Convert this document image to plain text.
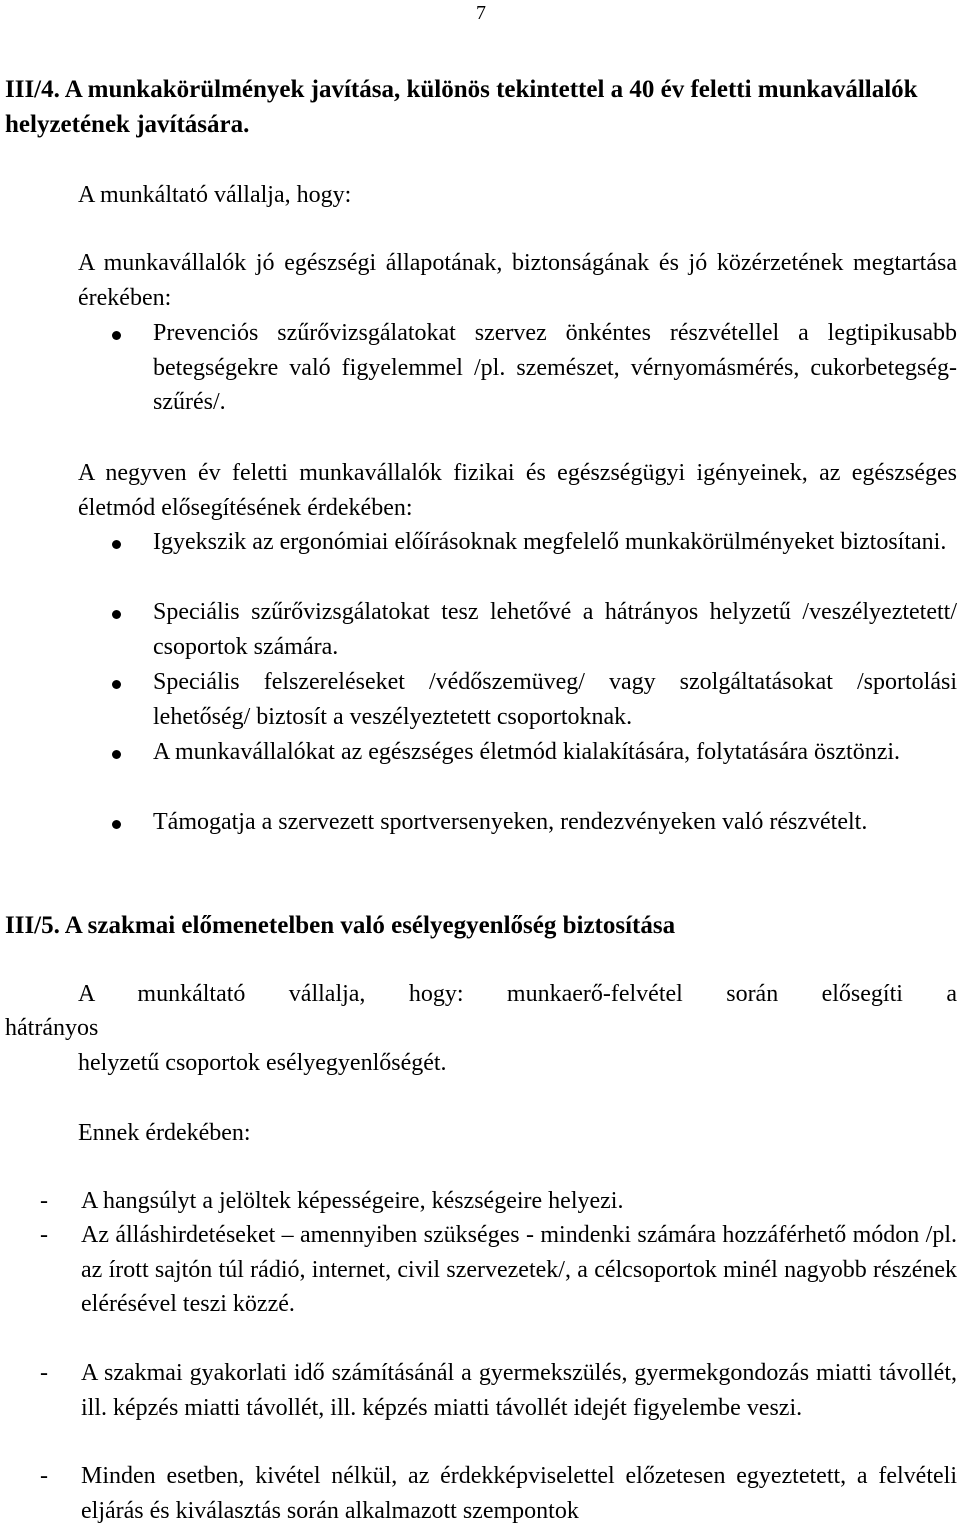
7
III/4. A munkakörülmények javítása, különös tekintettel a 40 év feletti munkavállalók helyzetének javítására.
A munkáltató vállalja, hogy:
A munkavállalók jó egészségi állapotának, biztonságának és jó közérzetének megtartása érekében:
Prevenciós szűrővizsgálatokat szervez önkéntes részvétellel a legtipikusabb betegségekre való figyelemmel /pl. szemészet, vérnyomásmérés, cukorbetegség-szűrés/.
A negyven év feletti munkavállalók fizikai és egészségügyi igényeinek, az egészséges életmód elősegítésének érdekében:
Igyekszik az ergonómiai előírásoknak megfelelő munkakörülményeket biztosítani.
Speciális szűrővizsgálatokat tesz lehetővé a hátrányos helyzetű /veszélyeztetett/ csoportok számára.
Speciális felszereléseket /védőszemüveg/ vagy szolgáltatásokat /sportolási lehetőség/ biztosít a veszélyeztetett csoportoknak.
A munkavállalókat az egészséges életmód kialakítására, folytatására ösztönzi.
Támogatja a szervezett sportversenyeken, rendezvényeken való részvételt.
III/5. A szakmai előmenetelben való esélyegyenlőség biztosítása
A munkáltató vállalja, hogy: munkaerő-felvétel során elősegíti a
hátrányos
helyzetű csoportok esélyegyenlőségét.
Ennek érdekében:
- A hangsúlyt a jelöltek képességeire, készségeire helyezi.
- Az álláshirdetéseket – amennyiben szükséges - mindenki számára hozzáférhető módon /pl. az írott sajtón túl rádió, internet, civil szervezetek/, a célcsoportok minél nagyobb részének elérésével teszi közzé.
- A szakmai gyakorlati idő számításánál a gyermekszülés, gyermekgondozás miatti távollét, ill. képzés miatti távollét, ill. képzés miatti távollét idejét figyelembe veszi.
- Minden esetben, kivétel nélkül, az érdekképviselettel előzetesen egyeztetett, a felvételi eljárás és kiválasztás során alkalmazott szempontok
